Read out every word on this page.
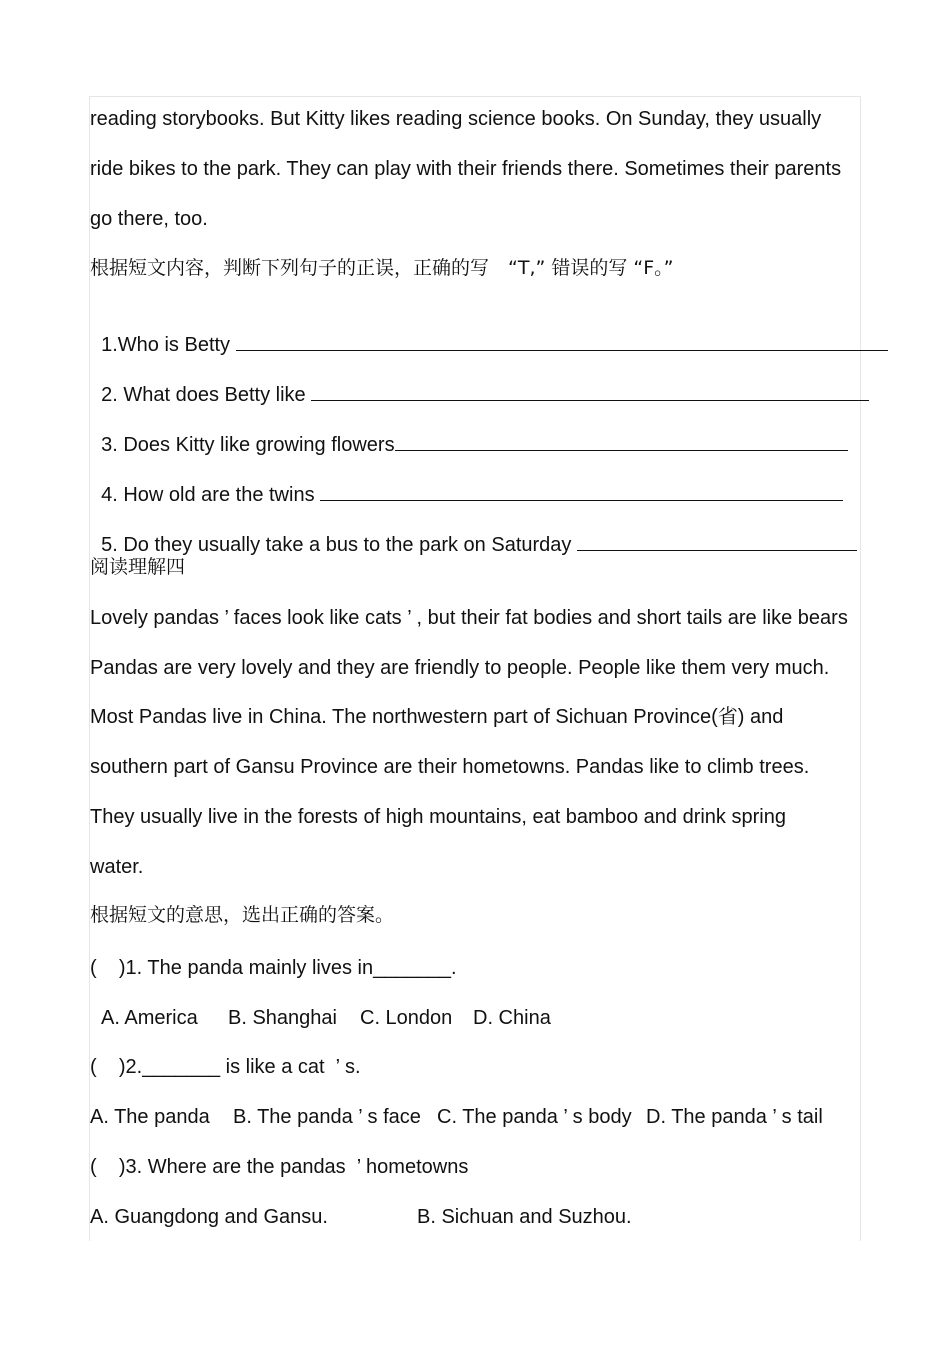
reading storybooks. But Kitty likes reading science books. On Sunday, they usually
ride bikes to the park. They can play with their friends there. Sometimes their parents
go there, too.
根据短文内容，判断下列句子的正误，正确的写　“T,” 错误的写 “F。”

1.Who is Betty

2. What does Betty like

3. Does Kitty like growing flowers

4. How old are the twins

5. Do they usually take a bus to the park on Saturday

阅读理解四
Lovely pandas ’ faces look like cats ’ , but their fat bodies and short tails are like bears
Pandas are very lovely and they are friendly to people. People like them very much.
Most Pandas live in China. The northwestern part of Sichuan Province(省) and
southern part of Gansu Province are their hometowns. Pandas like to climb trees.
They usually live in the forests of high mountains, eat bamboo and drink spring
water.
根据短文的意思，选出正确的答案。
(    )1. The panda mainly lives in_______.
A. America B. Shanghai C. London D. China
(    )2._______ is like a cat  ’ s.
A. The panda B. The panda ’ s face C. The panda ’ s body D. The panda ’ s tail
(    )3. Where are the pandas  ’ hometowns
A. Guangdong and Gansu.	B. Sichuan and Suzhou.
